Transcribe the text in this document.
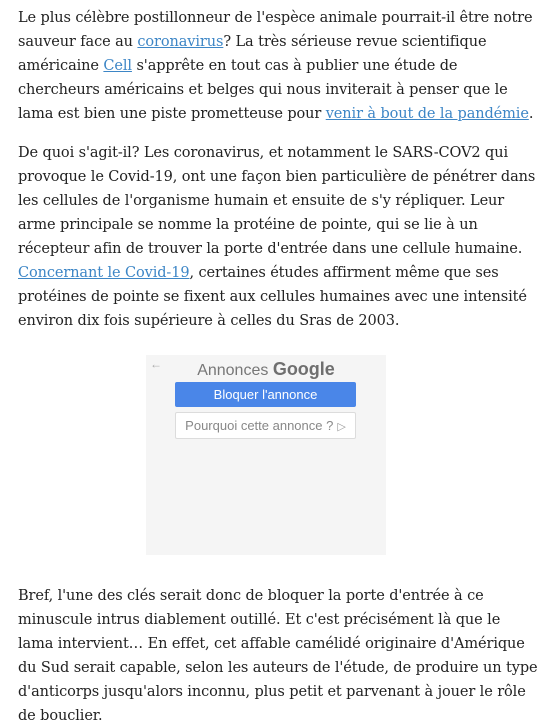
Le plus célèbre postillonneur de l'espèce animale pourrait-il être notre sauveur face au coronavirus? La très sérieuse revue scientifique américaine Cell s'apprête en tout cas à publier une étude de chercheurs américains et belges qui nous inviterait à penser que le lama est bien une piste prometteuse pour venir à bout de la pandémie.

De quoi s'agit-il? Les coronavirus, et notamment le SARS-COV2 qui provoque le Covid-19, ont une façon bien particulière de pénétrer dans les cellules de l'organisme humain et ensuite de s'y répliquer. Leur arme principale se nomme la protéine de pointe, qui se lie à un récepteur afin de trouver la porte d'entrée dans une cellule humaine. Concernant le Covid-19, certaines études affirment même que ses protéines de pointe se fixent aux cellules humaines avec une intensité environ dix fois supérieure à celles du Sras de 2003.

←	Annonces Google
Bloquer l'annonce
Pourquoi cette annonce ? ▷

Bref, l'une des clés serait donc de bloquer la porte d'entrée à ce minuscule intrus diablement outillé. Et c'est précisément là que le lama intervient… En effet, cet affable camélidé originaire d'Amérique du Sud serait capable, selon les auteurs de l'étude, de produire un type d'anticorps jusqu'alors inconnu, plus petit et parvenant à jouer le rôle de bouclier.
